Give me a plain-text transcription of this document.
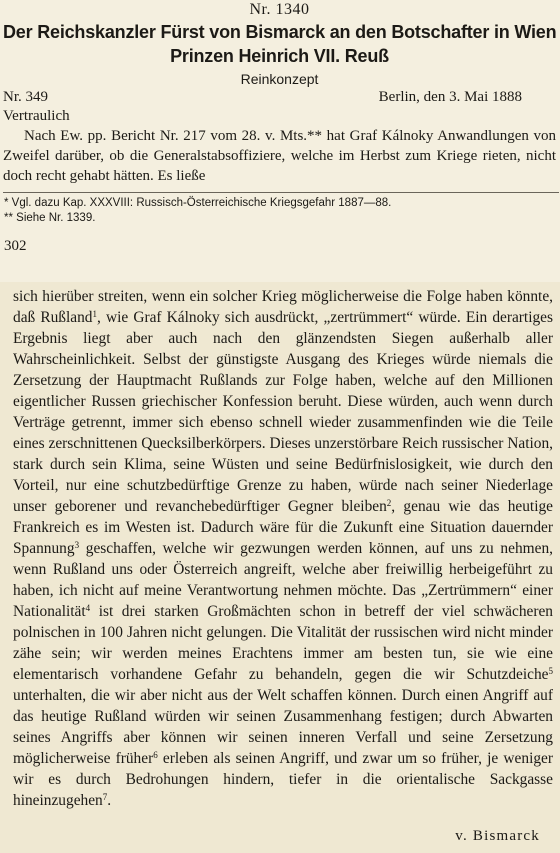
Nr. 1340
Der Reichskanzler Fürst von Bismarck an den Botschafter in Wien
Prinzen Heinrich VII. Reuß
Reinkonzept
Nr. 349	Berlin, den 3. Mai 1888
Vertraulich

Nach Ew. pp. Bericht Nr. 217 vom 28. v. Mts.** hat Graf Kálnoky Anwandlungen von Zweifel darüber, ob die Generalstabsoffiziere, welche im Herbst zum Kriege rieten, nicht doch recht gehabt hätten. Es ließe

* Vgl. dazu Kap. XXXVIII: Russisch-Österreichische Kriegsgefahr 1887—88.
** Siehe Nr. 1339.
302

sich hierüber streiten, wenn ein solcher Krieg möglicherweise die Folge haben könnte, daß Rußland$^1$, wie Graf Kálnoky sich ausdrückt, „zertrümmert“ würde. Ein derartiges Ergebnis liegt aber auch nach den glänzendsten Siegen außerhalb aller Wahrscheinlichkeit. Selbst der günstigste Ausgang des Krieges würde niemals die Zersetzung der Hauptmacht Rußlands zur Folge haben, welche auf den Millionen eigentlicher Russen griechischer Konfession beruht. Diese würden, auch wenn durch Verträge getrennt, immer sich ebenso schnell wieder zusammenfinden wie die Teile eines zerschnittenen Quecksilberkörpers. Dieses unzerstörbare Reich russischer Nation, stark durch sein Klima, seine Wüsten und seine Bedürfnislosigkeit, wie durch den Vorteil, nur eine schutzbedürftige Grenze zu haben, würde nach seiner Niederlage unser geborener und revanchebedürftiger Gegner bleiben$^2$, genau wie das heutige Frankreich es im Westen ist. Dadurch wäre für die Zukunft eine Situation dauernder Spannung$^3$ geschaffen, welche wir gezwungen werden können, auf uns zu nehmen, wenn Rußland uns oder Österreich angreift, welche aber freiwillig herbeigeführt zu haben, ich nicht auf meine Verantwortung nehmen möchte. Das „Zertrümmern“ einer Nationalität$^4$ ist drei starken Großmächten schon in betreff der viel schwächeren polnischen in 100 Jahren nicht gelungen. Die Vitalität der russischen wird nicht minder zähe sein; wir werden meines Erachtens immer am besten tun, sie wie eine elementarisch vorhandene Gefahr zu behandeln, gegen die wir Schutzdeiche$^5$ unterhalten, die wir aber nicht aus der Welt schaffen können. Durch einen Angriff auf das heutige Rußland würden wir seinen Zusammenhang festigen; durch Abwarten seines Angriffs aber können wir seinen inneren Verfall und seine Zersetzung möglicherweise früher$^6$ erleben als seinen Angriff, und zwar um so früher, je weniger wir es durch Bedrohungen hindern, tiefer in die orientalische Sackgasse hineinzugehen$^7$.

v. Bismarck
